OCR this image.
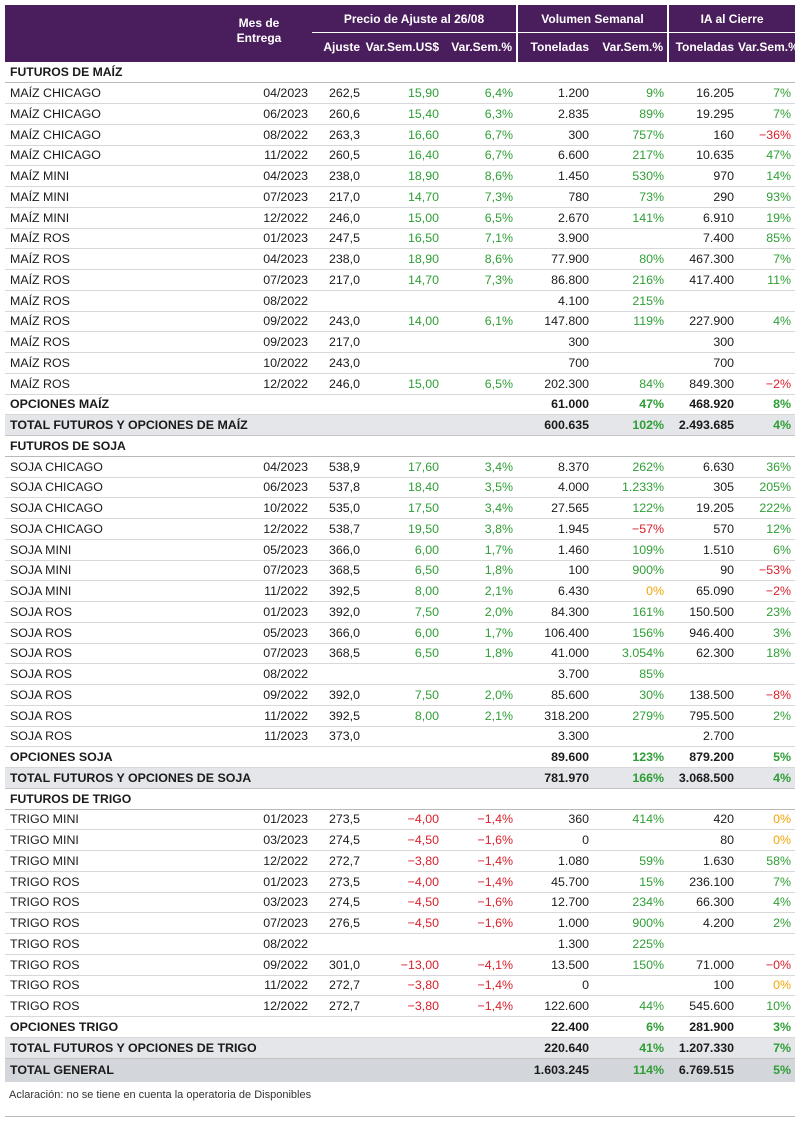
	Mes de
Entrega	Precio de Ajuste al 26/08			Volumen Semanal		IA al Cierre	
		Ajuste	Var.Sem.US$	Var.Sem.%	Toneladas	Var.Sem.%	Toneladas	Var.Sem.%
FUTUROS DE MAÍZ								
MAÍZ CHICAGO	04/2023	262,5	15,90	6,4%	1.200	9%	16.205	7%
MAÍZ CHICAGO	06/2023	260,6	15,40	6,3%	2.835	89%	19.295	7%
MAÍZ CHICAGO	08/2022	263,3	16,60	6,7%	300	757%	160	−36%
MAÍZ CHICAGO	11/2022	260,5	16,40	6,7%	6.600	217%	10.635	47%
MAÍZ MINI	04/2023	238,0	18,90	8,6%	1.450	530%	970	14%
MAÍZ MINI	07/2023	217,0	14,70	7,3%	780	73%	290	93%
MAÍZ MINI	12/2022	246,0	15,00	6,5%	2.670	141%	6.910	19%
MAÍZ ROS	01/2023	247,5	16,50	7,1%	3.900		7.400	85%
MAÍZ ROS	04/2023	238,0	18,90	8,6%	77.900	80%	467.300	7%
MAÍZ ROS	07/2023	217,0	14,70	7,3%	86.800	216%	417.400	11%
MAÍZ ROS	08/2022				4.100	215%		
MAÍZ ROS	09/2022	243,0	14,00	6,1%	147.800	119%	227.900	4%
MAÍZ ROS	09/2023	217,0			300		300	
MAÍZ ROS	10/2022	243,0			700		700	
MAÍZ ROS	12/2022	246,0	15,00	6,5%	202.300	84%	849.300	−2%
OPCIONES MAÍZ					61.000	47%	468.920	8%
TOTAL FUTUROS Y OPCIONES DE MAÍZ					600.635	102%	2.493.685	4%
FUTUROS DE SOJA								
SOJA CHICAGO	04/2023	538,9	17,60	3,4%	8.370	262%	6.630	36%
SOJA CHICAGO	06/2023	537,8	18,40	3,5%	4.000	1.233%	305	205%
SOJA CHICAGO	10/2022	535,0	17,50	3,4%	27.565	122%	19.205	222%
SOJA CHICAGO	12/2022	538,7	19,50	3,8%	1.945	−57%	570	12%
SOJA MINI	05/2023	366,0	6,00	1,7%	1.460	109%	1.510	6%
SOJA MINI	07/2023	368,5	6,50	1,8%	100	900%	90	−53%
SOJA MINI	11/2022	392,5	8,00	2,1%	6.430	0%	65.090	−2%
SOJA ROS	01/2023	392,0	7,50	2,0%	84.300	161%	150.500	23%
SOJA ROS	05/2023	366,0	6,00	1,7%	106.400	156%	946.400	3%
SOJA ROS	07/2023	368,5	6,50	1,8%	41.000	3.054%	62.300	18%
SOJA ROS	08/2022				3.700	85%		
SOJA ROS	09/2022	392,0	7,50	2,0%	85.600	30%	138.500	−8%
SOJA ROS	11/2022	392,5	8,00	2,1%	318.200	279%	795.500	2%
SOJA ROS	11/2023	373,0			3.300		2.700	
OPCIONES SOJA					89.600	123%	879.200	5%
TOTAL FUTUROS Y OPCIONES DE SOJA					781.970	166%	3.068.500	4%
FUTUROS DE TRIGO								
TRIGO MINI	01/2023	273,5	−4,00	−1,4%	360	414%	420	0%
TRIGO MINI	03/2023	274,5	−4,50	−1,6%	0		80	0%
TRIGO MINI	12/2022	272,7	−3,80	−1,4%	1.080	59%	1.630	58%
TRIGO ROS	01/2023	273,5	−4,00	−1,4%	45.700	15%	236.100	7%
TRIGO ROS	03/2023	274,5	−4,50	−1,6%	12.700	234%	66.300	4%
TRIGO ROS	07/2023	276,5	−4,50	−1,6%	1.000	900%	4.200	2%
TRIGO ROS	08/2022				1.300	225%		
TRIGO ROS	09/2022	301,0	−13,00	−4,1%	13.500	150%	71.000	−0%
TRIGO ROS	11/2022	272,7	−3,80	−1,4%	0		100	0%
TRIGO ROS	12/2022	272,7	−3,80	−1,4%	122.600	44%	545.600	10%
OPCIONES TRIGO					22.400	6%	281.900	3%
TOTAL FUTUROS Y OPCIONES DE TRIGO					220.640	41%	1.207.330	7%
TOTAL GENERAL					1.603.245	114%	6.769.515	5%
Aclaración: no se tiene en cuenta la operatoria de Disponibles
